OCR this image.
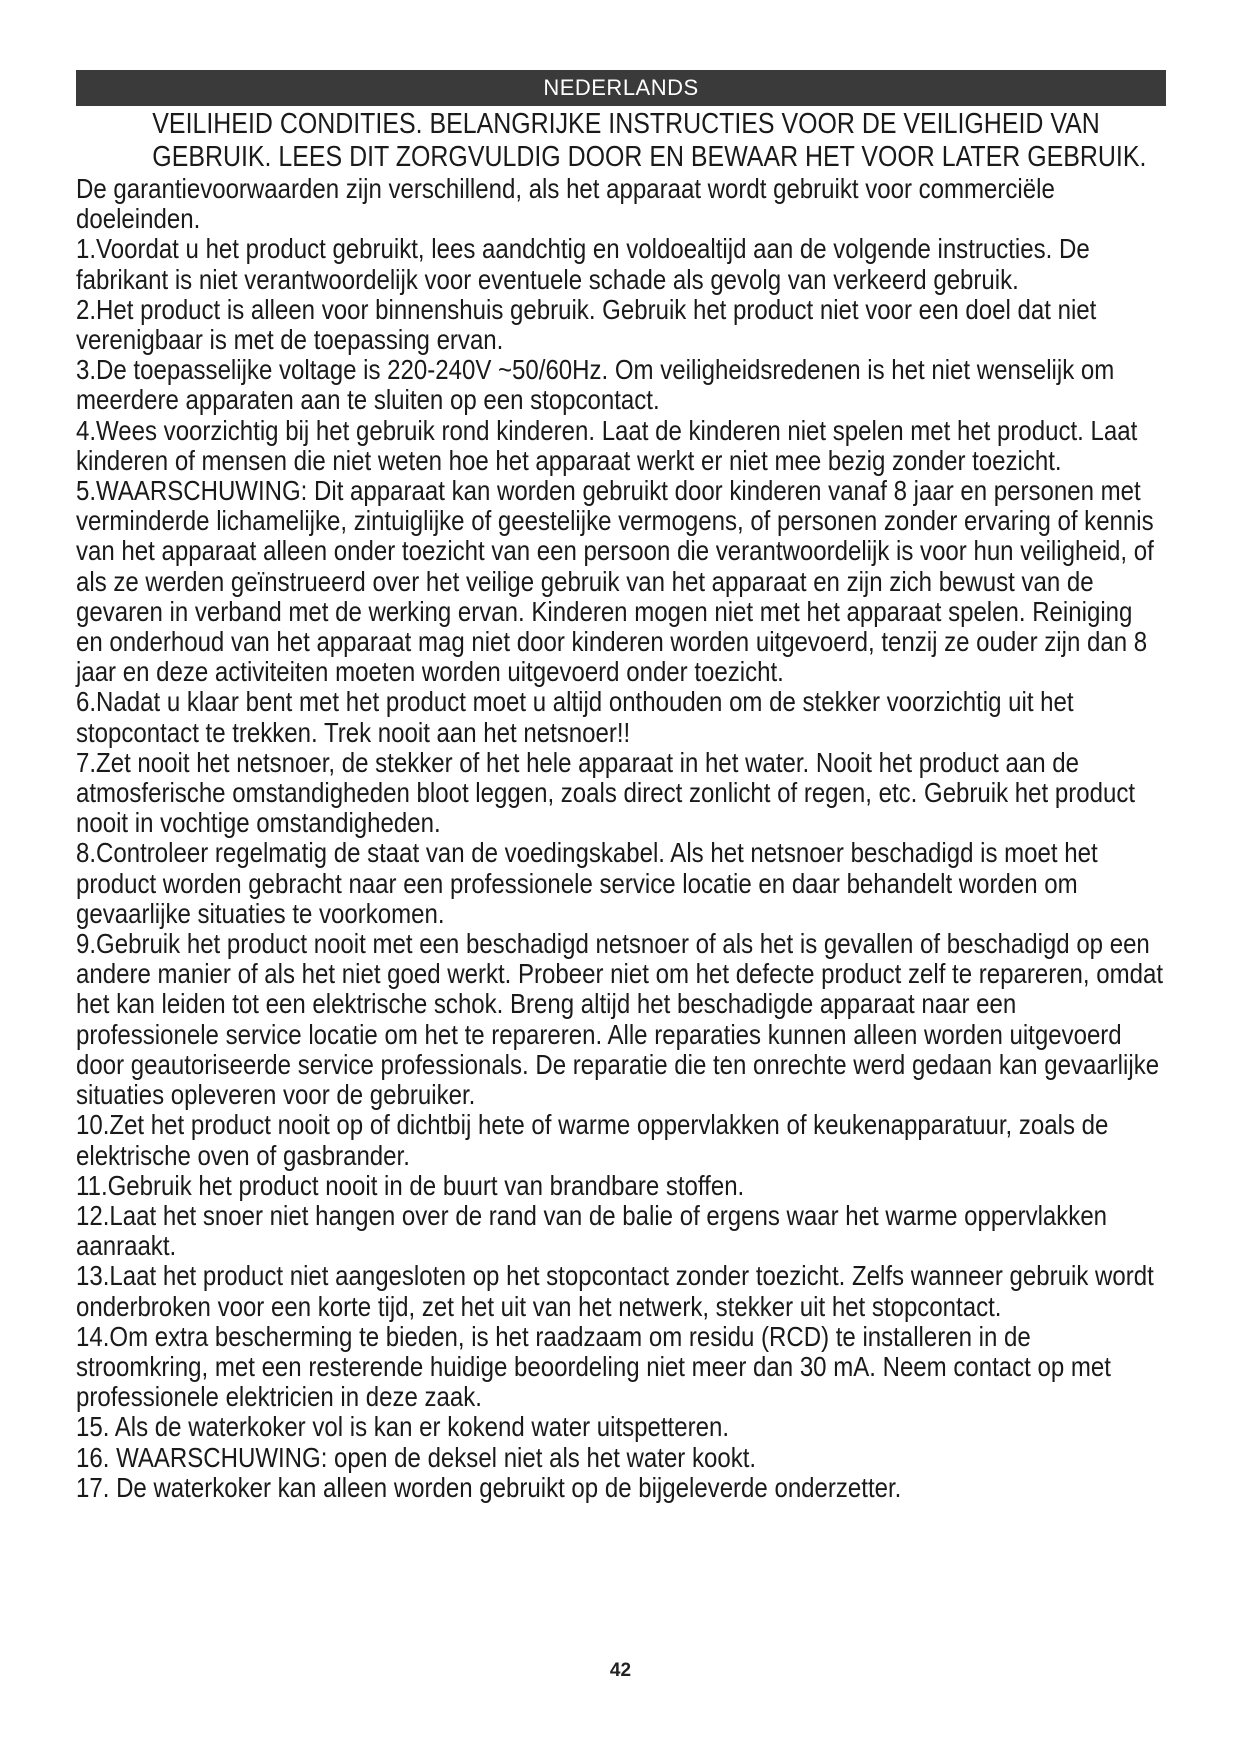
NEDERLANDS
VEILIHEID CONDITIES. BELANGRIJKE INSTRUCTIES VOOR DE VEILIGHEID VAN
GEBRUIK. LEES DIT ZORGVULDIG DOOR EN BEWAAR HET VOOR LATER GEBRUIK.

De garantievoorwaarden zijn verschillend, als het apparaat wordt gebruikt voor commerciële doeleinden.

1.Voordat u het product gebruikt, lees aandchtig en voldoealtijd aan de volgende instructies. De fabrikant is niet verantwoordelijk voor eventuele schade als gevolg van verkeerd gebruik.

2.Het product is alleen voor binnenshuis gebruik. Gebruik het product niet voor een doel dat niet verenigbaar is met de toepassing ervan.

3.De toepasselijke voltage is 220-240V ~50/60Hz. Om veiligheidsredenen is het niet wenselijk om meerdere apparaten aan te sluiten op een stopcontact.

4.Wees voorzichtig bij het gebruik rond kinderen. Laat de kinderen niet spelen met het product. Laat kinderen of mensen die niet weten hoe het apparaat werkt er niet mee bezig zonder toezicht.

5.WAARSCHUWING: Dit apparaat kan worden gebruikt door kinderen vanaf 8 jaar en personen met verminderde lichamelijke, zintuiglijke of geestelijke vermogens, of personen zonder ervaring of kennis van het apparaat alleen onder toezicht van een persoon die verantwoordelijk is voor hun veiligheid, of als ze werden geïnstrueerd over het veilige gebruik van het apparaat en zijn zich bewust van de gevaren in verband met de werking ervan. Kinderen mogen niet met het apparaat spelen. Reiniging en onderhoud van het apparaat mag niet door kinderen worden uitgevoerd, tenzij ze ouder zijn dan 8 jaar en deze activiteiten moeten worden uitgevoerd onder toezicht.

6.Nadat u klaar bent met het product moet u altijd onthouden om de stekker voorzichtig uit het stopcontact te trekken. Trek nooit aan het netsnoer!!

7.Zet nooit het netsnoer, de stekker of het hele apparaat in het water. Nooit het product aan de atmosferische omstandigheden bloot leggen, zoals direct zonlicht of regen, etc. Gebruik het product nooit in vochtige omstandigheden.

8.Controleer regelmatig de staat van de voedingskabel. Als het netsnoer beschadigd is moet het product worden gebracht naar een professionele service locatie en daar behandelt worden om gevaarlijke situaties te voorkomen.

9.Gebruik het product nooit met een beschadigd netsnoer of als het is gevallen of beschadigd op een andere manier of als het niet goed werkt. Probeer niet om het defecte product zelf te repareren, omdat het kan leiden tot een elektrische schok. Breng altijd het beschadigde apparaat naar een professionele service locatie om het te repareren. Alle reparaties kunnen alleen worden uitgevoerd door geautoriseerde service professionals. De reparatie die ten onrechte werd gedaan kan gevaarlijke situaties opleveren voor de gebruiker.

10.Zet het product nooit op of dichtbij hete of warme oppervlakken of keukenapparatuur, zoals de elektrische oven of gasbrander.

11.Gebruik het product nooit in de buurt van brandbare stoffen.

12.Laat het snoer niet hangen over de rand van de balie of ergens waar het warme oppervlakken aanraakt.

13.Laat het product niet aangesloten op het stopcontact zonder toezicht. Zelfs wanneer gebruik wordt onderbroken voor een korte tijd, zet het uit van het netwerk, stekker uit het stopcontact.

14.Om extra bescherming te bieden, is het raadzaam om residu (RCD) te installeren in de stroomkring, met een resterende huidige beoordeling niet meer dan 30 mA. Neem contact op met professionele elektricien in deze zaak.

15. Als de waterkoker vol is kan er kokend water uitspetteren.

16. WAARSCHUWING: open de deksel niet als het water kookt.

17. De waterkoker kan alleen worden gebruikt op de bijgeleverde onderzetter.

42
